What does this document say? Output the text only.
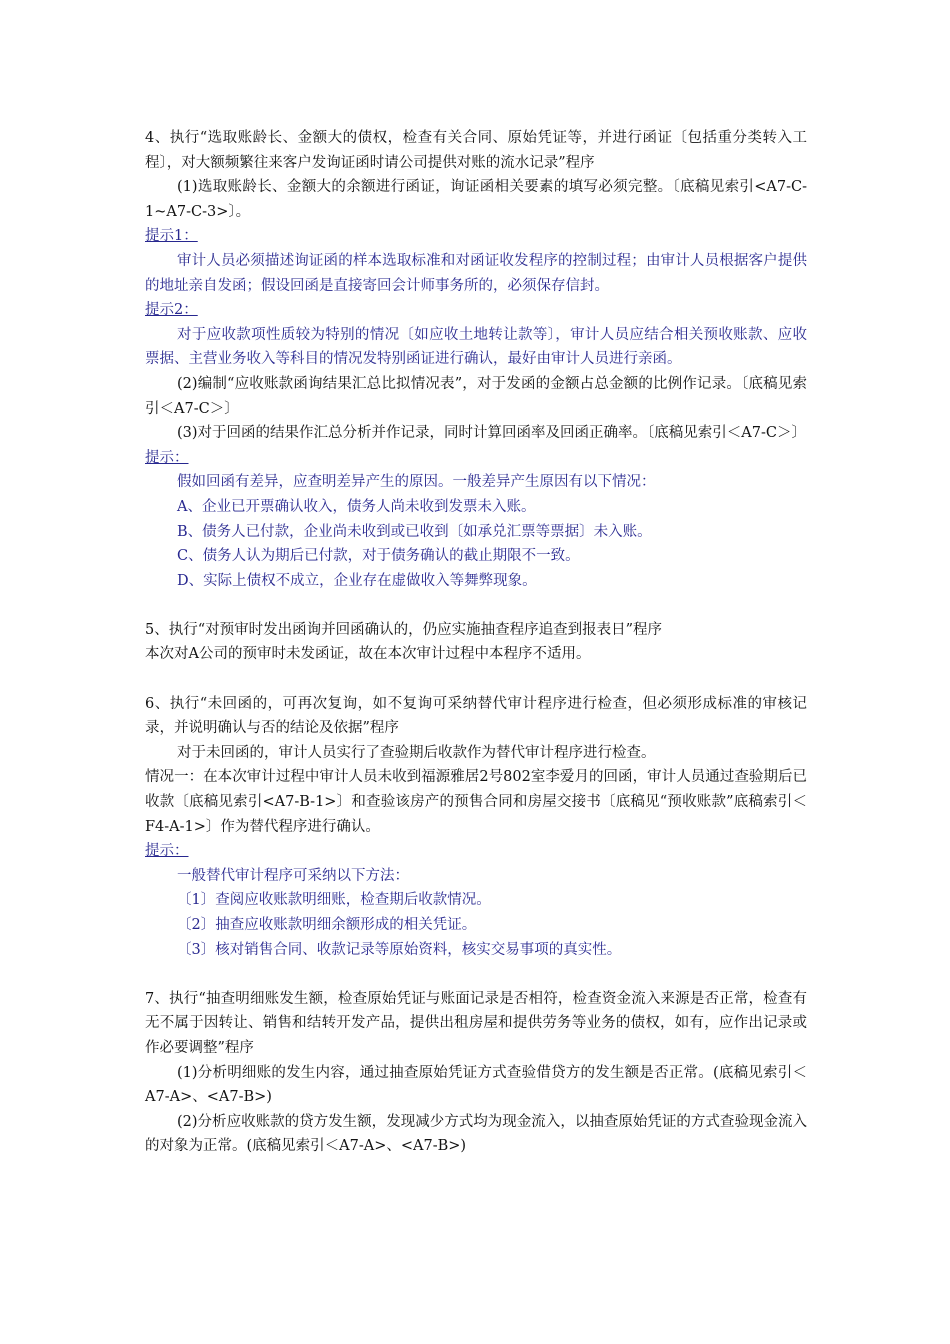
4、执行“选取账龄长、金额大的债权，检查有关合同、原始凭证等，并进行函证〔包括重分类转入工程〕，对大额频繁往来客户发询证函时请公司提供对账的流水记录”程序

(1)选取账龄长、金额大的余额进行函证，询证函相关要素的填写必须完整。〔底稿见索引<A7-C-1~A7-C-3>〕。

提示1：

审计人员必须描述询证函的样本选取标准和对函证收发程序的控制过程；由审计人员根据客户提供的地址亲自发函；假设回函是直接寄回会计师事务所的，必须保存信封。

提示2：

对于应收款项性质较为特别的情况〔如应收土地转让款等〕，审计人员应结合相关预收账款、应收票据、主营业务收入等科目的情况发特别函证进行确认，最好由审计人员进行亲函。

(2)编制“应收账款函询结果汇总比拟情况表”，对于发函的金额占总金额的比例作记录。〔底稿见索引＜A7-C＞〕

(3)对于回函的结果作汇总分析并作记录，同时计算回函率及回函正确率。〔底稿见索引＜A7-C＞〕

提示：

假如回函有差异，应查明差异产生的原因。一般差异产生原因有以下情况：

A、企业已开票确认收入，债务人尚未收到发票未入账。

B、债务人已付款，企业尚未收到或已收到〔如承兑汇票等票据〕未入账。

C、债务人认为期后已付款，对于债务确认的截止期限不一致。

D、实际上债权不成立，企业存在虚做收入等舞弊现象。

5、执行“对预审时发出函询并回函确认的，仍应实施抽查程序追查到报表日”程序

本次对A公司的预审时未发函证，故在本次审计过程中本程序不适用。

6、执行“未回函的，可再次复询，如不复询可采纳替代审计程序进行检查，但必须形成标准的审核记录，并说明确认与否的结论及依据”程序

对于未回函的，审计人员实行了查验期后收款作为替代审计程序进行检查。

情况一：在本次审计过程中审计人员未收到福源雅居2号802室李爱月的回函，审计人员通过查验期后已收款〔底稿见索引<A7-B-1>〕和查验该房产的预售合同和房屋交接书〔底稿见“预收账款”底稿索引＜F4-A-1>〕作为替代程序进行确认。

提示：

一般替代审计程序可采纳以下方法：

〔1〕查阅应收账款明细账，检查期后收款情况。

〔2〕抽查应收账款明细余额形成的相关凭证。

〔3〕核对销售合同、收款记录等原始资料，核实交易事项的真实性。

7、执行“抽查明细账发生额，检查原始凭证与账面记录是否相符，检查资金流入来源是否正常，检查有无不属于因转让、销售和结转开发产品，提供出租房屋和提供劳务等业务的债权，如有，应作出记录或作必要调整”程序

(1)分析明细账的发生内容，通过抽查原始凭证方式查验借贷方的发生额是否正常。(底稿见索引＜A7-A>、<A7-B>)

(2)分析应收账款的贷方发生额，发现减少方式均为现金流入，以抽查原始凭证的方式查验现金流入的对象为正常。(底稿见索引＜A7-A>、<A7-B>)
